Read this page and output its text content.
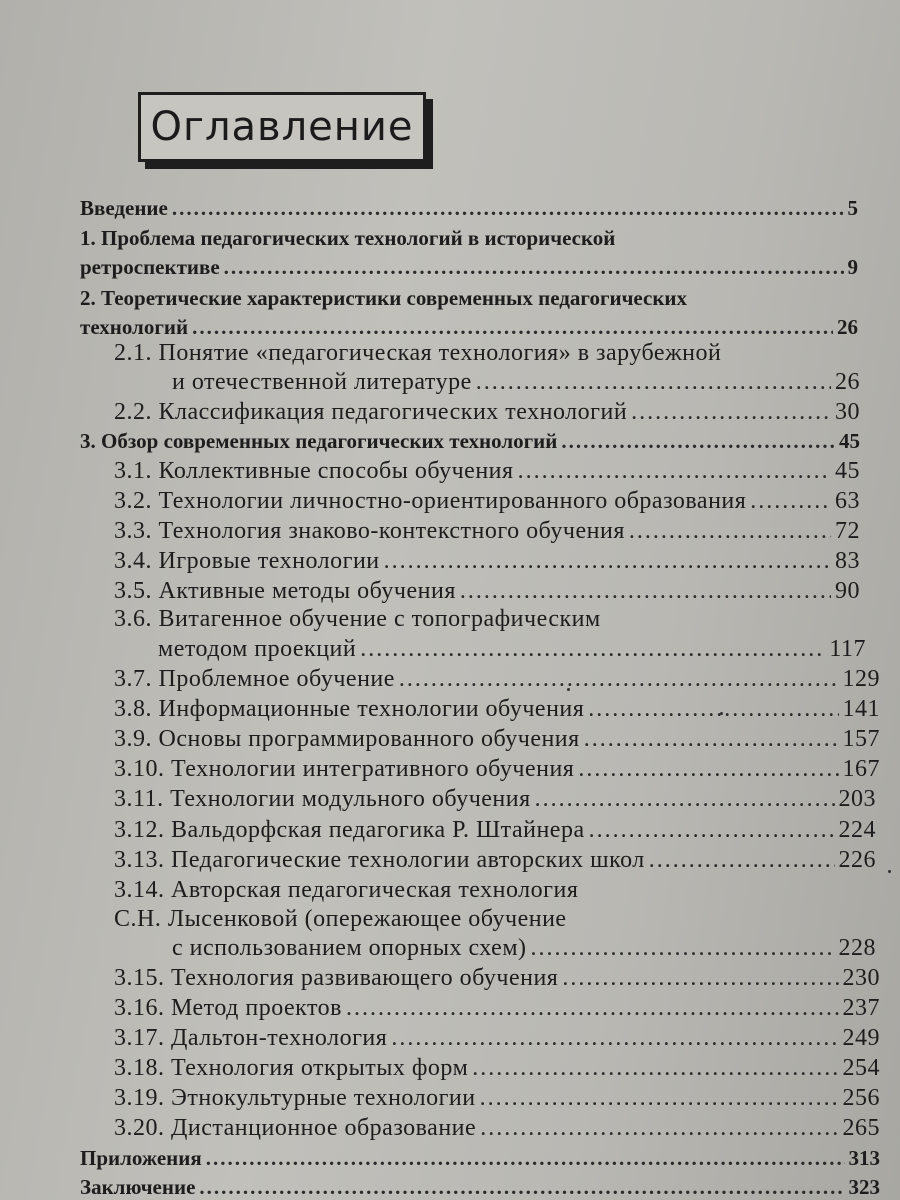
Оглавление
Введение .....	5
1. Проблема педагогических технологий в исторической
ретроспективе .....	9
2. Теоретические характеристики современных педагогических
технологий .....	26
2.1. Понятие «педагогическая технология» в зарубежной
и отечественной литературе .....	26
2.2. Классификация педагогических технологий .....	30
3. Обзор современных педагогических технологий .....	45
3.1. Коллективные способы обучения .....	45
3.2. Технологии личностно-ориентированного образования .....	63
3.3. Технология знаково-контекстного обучения .....	72
3.4. Игровые технологии .....	83
3.5. Активные методы обучения .....	90
3.6. Витагенное обучение с топографическим
методом проекций .....	117
3.7. Проблемное обучение .....	129
3.8. Информационные технологии обучения .....	141
3.9. Основы программированного обучения .....	157
3.10. Технологии интегративного обучения .....	167
3.11. Технологии модульного обучения .....	203
3.12. Вальдорфская педагогика Р. Штайнера .....	224
3.13. Педагогические технологии авторских школ .....	226
3.14. Авторская педагогическая технология
С.Н. Лысенковой (опережающее обучение
с использованием опорных схем) .....	228
3.15. Технология развивающего обучения .....	230
3.16. Метод проектов .....	237
3.17. Дальтон-технология .....	249
3.18. Технология открытых форм .....	254
3.19. Этнокультурные технологии .....	256
3.20. Дистанционное образование .....	265
Приложения .....	313
Заключение .....	323
